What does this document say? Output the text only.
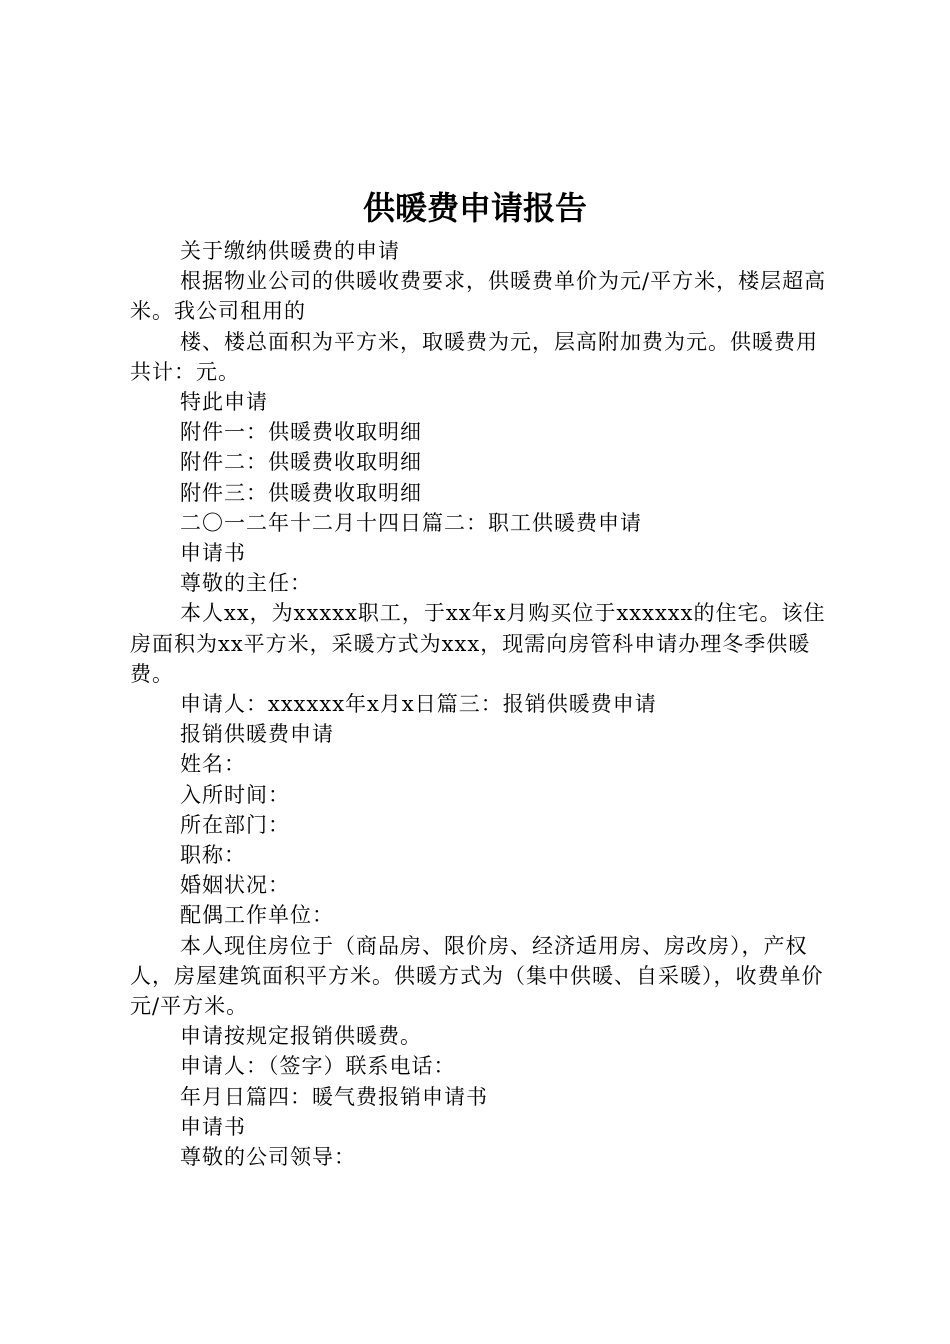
供暖费申请报告

关于缴纳供暖费的申请

根据物业公司的供暖收费要求，供暖费单价为元/平方米，楼层超高米。我公司租用的

楼、楼总面积为平方米，取暖费为元，层高附加费为元。供暖费用共计：元。

特此申请

附件一：供暖费收取明细

附件二：供暖费收取明细

附件三：供暖费收取明细

二〇一二年十二月十四日篇二：职工供暖费申请

申请书

尊敬的主任：

本人xx，为xxxxx职工，于xx年x月购买位于xxxxxx的住宅。该住房面积为xx平方米，采暖方式为xxx，现需向房管科申请办理冬季供暖费。

申请人：xxxxxx年x月x日篇三：报销供暖费申请

报销供暖费申请

姓名：

入所时间：

所在部门：

职称：

婚姻状况：

配偶工作单位：

本人现住房位于（商品房、限价房、经济适用房、房改房），产权人，房屋建筑面积平方米。供暖方式为（集中供暖、自采暖），收费单价元/平方米。

申请按规定报销供暖费。

申请人：（签字）联系电话：

年月日篇四：暖气费报销申请书

申请书

尊敬的公司领导：
